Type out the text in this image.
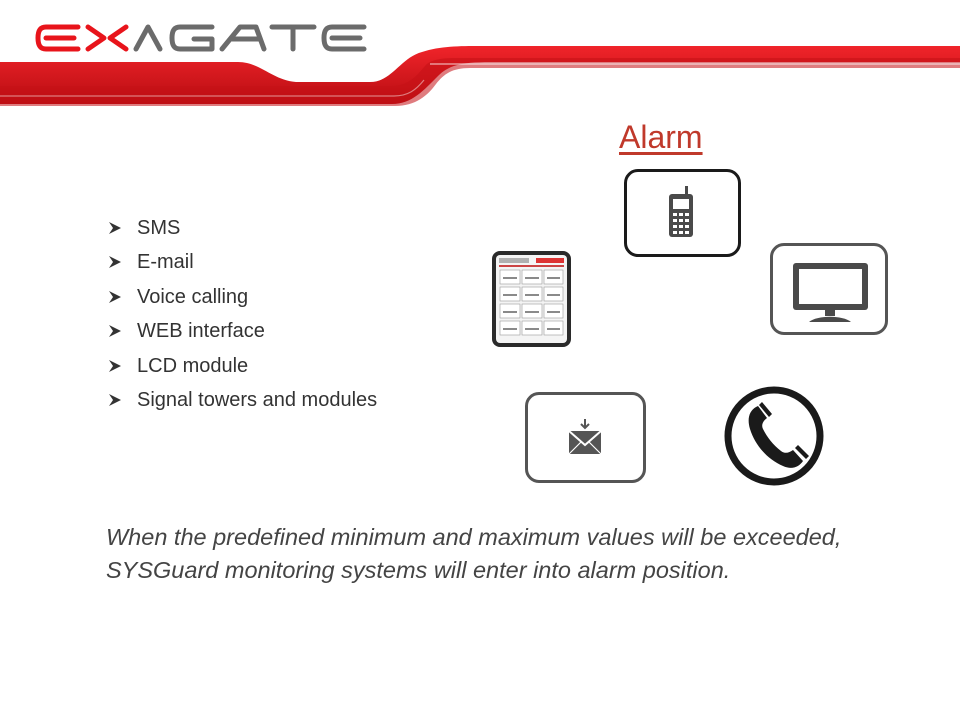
Alarm
SMS
E-mail
Voice calling
WEB interface
LCD module
Signal towers and modules

When the predefined minimum and maximum values will be exceeded, SYSGuard monitoring systems will enter into alarm position.
